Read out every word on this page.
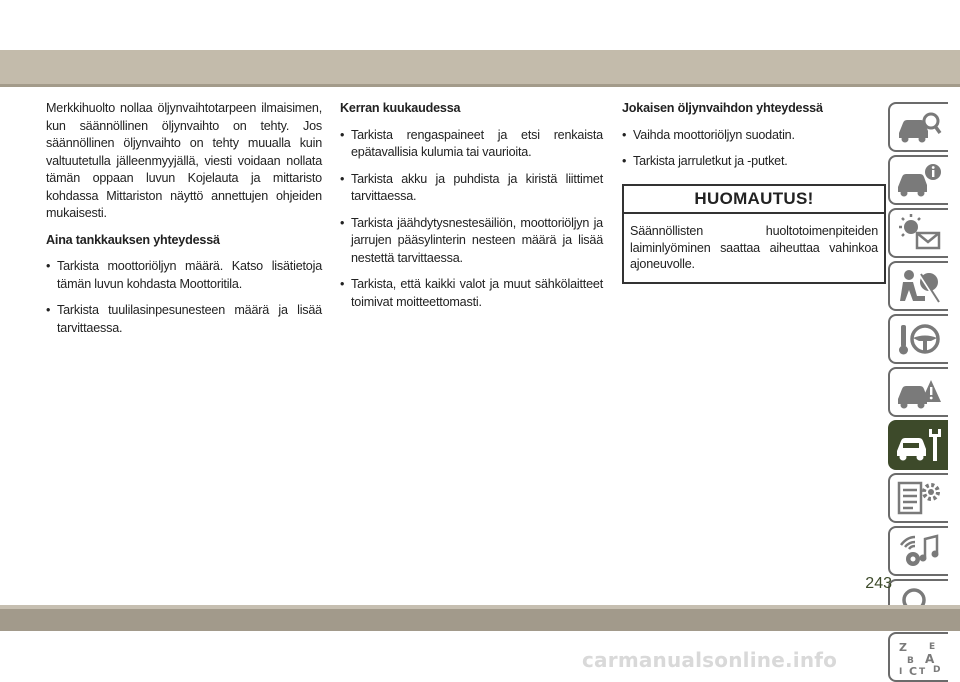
Merkkihuolto nollaa öljynvaihtotarpeen ilmaisimen, kun säännöllinen öljynvaihto on tehty. Jos säännöllinen öljynvaihto on tehty muualla kuin valtuutetulla jälleenmyyjällä, viesti voidaan nollata tämän oppaan luvun Kojelauta ja mittaristo kohdassa Mittariston näyttö annettujen ohjeiden mukaisesti.

Aina tankkauksen yhteydessä
• Tarkista moottoriöljyn määrä. Katso lisätietoja tämän luvun kohdasta Moottoritila.
• Tarkista tuulilasinpesunesteen määrä ja lisää tarvittaessa.
Kerran kuukaudessa
• Tarkista rengaspaineet ja etsi renkaista epätavallisia kulumia tai vaurioita.
• Tarkista akku ja puhdista ja kiristä liittimet tarvittaessa.
• Tarkista jäähdytysnestesäiliön, moottoriöljyn ja jarrujen pääsylinterin nesteen määrä ja lisää nestettä tarvittaessa.
• Tarkista, että kaikki valot ja muut sähkölaitteet toimivat moitteettomasti.
Jokaisen öljynvaihdon yhteydessä
• Vaihda moottoriöljyn suodatin.
• Tarkista jarruletkut ja -putket.
HUOMAUTUS!
Säännöllisten huoltotoimenpiteiden laiminlyöminen saattaa aiheuttaa vahinkoa ajoneuvolle.
Z E
B A
I C T D
243
carmanualsonline.info
